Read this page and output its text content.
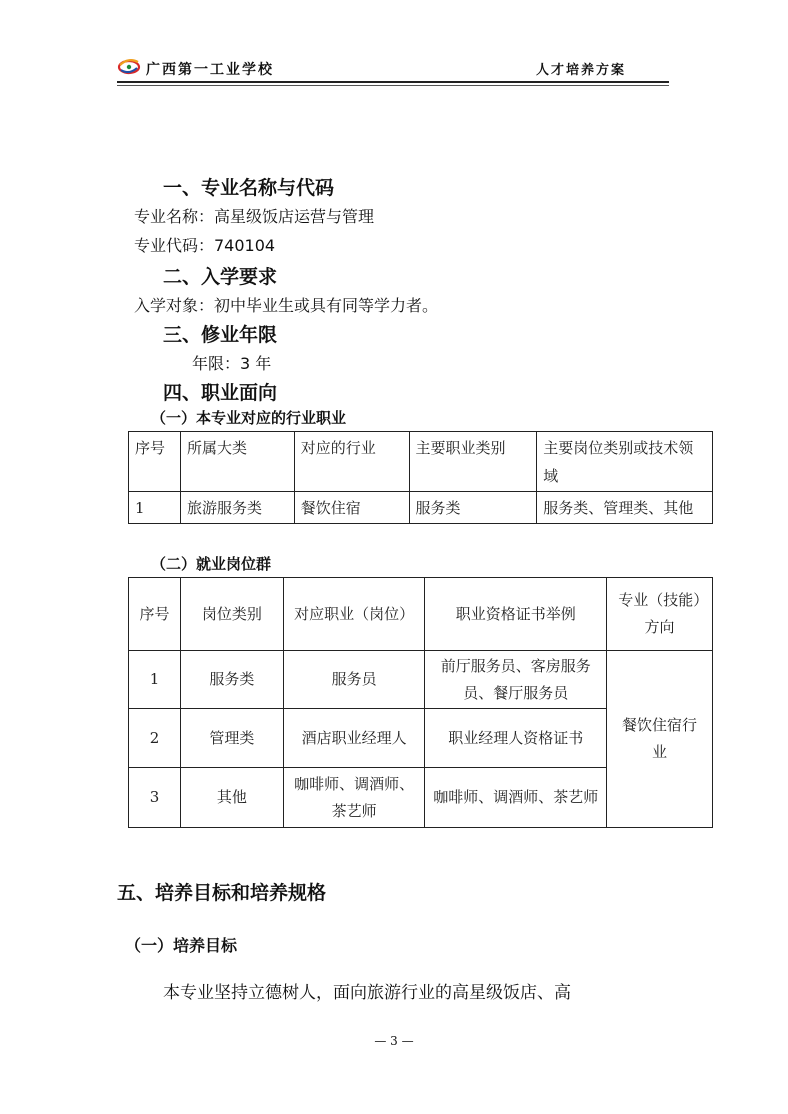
广西第一工业学校	人才培养方案
一、专业名称与代码
专业名称：高星级饭店运营与管理
专业代码：740104
二、入学要求
入学对象：初中毕业生或具有同等学力者。
三、修业年限
年限：3 年
四、职业面向
（一）本专业对应的行业职业
序号	所属大类	对应的行业	主要职业类别	主要岗位类别或技术领域
1	旅游服务类	餐饮住宿	服务类	服务类、管理类、其他
（二）就业岗位群
序号	岗位类别	对应职业（岗位）	职业资格证书举例	专业（技能）方向
1	服务类	服务员	前厅服务员、客房服务员、餐厅服务员	餐饮住宿行业
2	管理类	酒店职业经理人	职业经理人资格证书	
3	其他	咖啡师、调酒师、茶艺师	咖啡师、调酒师、茶艺师	
五、培养目标和培养规格
（一）培养目标
本专业坚持立德树人，面向旅游行业的高星级饭店、高
— 3 —
